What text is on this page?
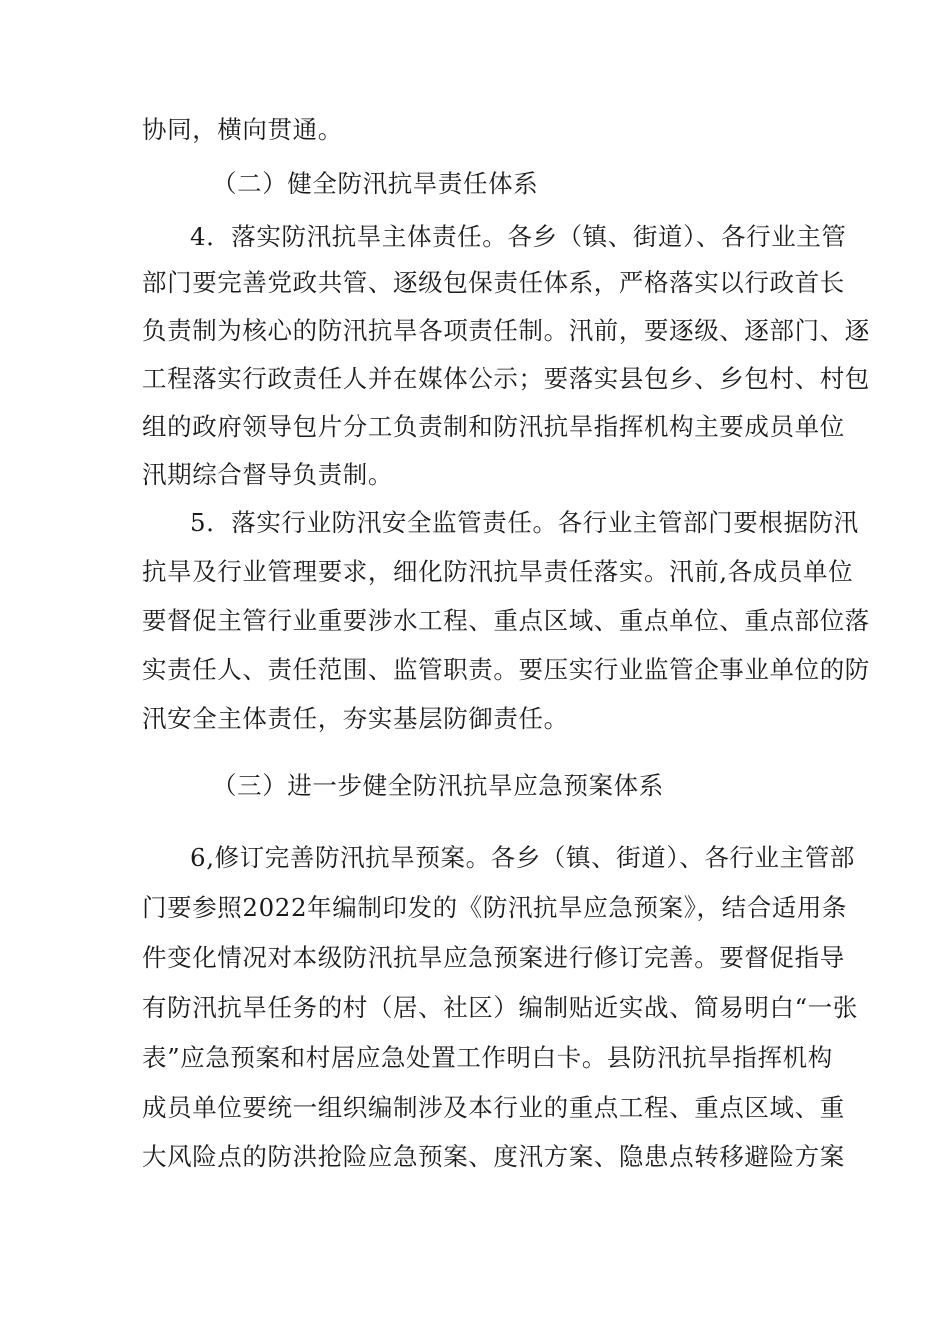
协同，横向贯通。
（二）健全防汛抗旱责任体系
4．落实防汛抗旱主体责任。各乡（镇、街道）、各行业主管
部门要完善党政共管、逐级包保责任体系，严格落实以行政首长
负责制为核心的防汛抗旱各项责任制。汛前，要逐级、逐部门、逐
工程落实行政责任人并在媒体公示；要落实县包乡、乡包村、村包
组的政府领导包片分工负责制和防汛抗旱指挥机构主要成员单位
汛期综合督导负责制。
5．落实行业防汛安全监管责任。各行业主管部门要根据防汛
抗旱及行业管理要求，细化防汛抗旱责任落实。汛前,各成员单位
要督促主管行业重要涉水工程、重点区域、重点单位、重点部位落
实责任人、责任范围、监管职责。要压实行业监管企事业单位的防
汛安全主体责任，夯实基层防御责任。
（三）进一步健全防汛抗旱应急预案体系
6,修订完善防汛抗旱预案。各乡（镇、街道）、各行业主管部
门要参照2022年编制印发的《防汛抗旱应急预案》，结合适用条
件变化情况对本级防汛抗旱应急预案进行修订完善。要督促指导
有防汛抗旱任务的村（居、社区）编制贴近实战、简易明白“一张
表”应急预案和村居应急处置工作明白卡。县防汛抗旱指挥机构
成员单位要统一组织编制涉及本行业的重点工程、重点区域、重
大风险点的防洪抢险应急预案、度汛方案、隐患点转移避险方案
